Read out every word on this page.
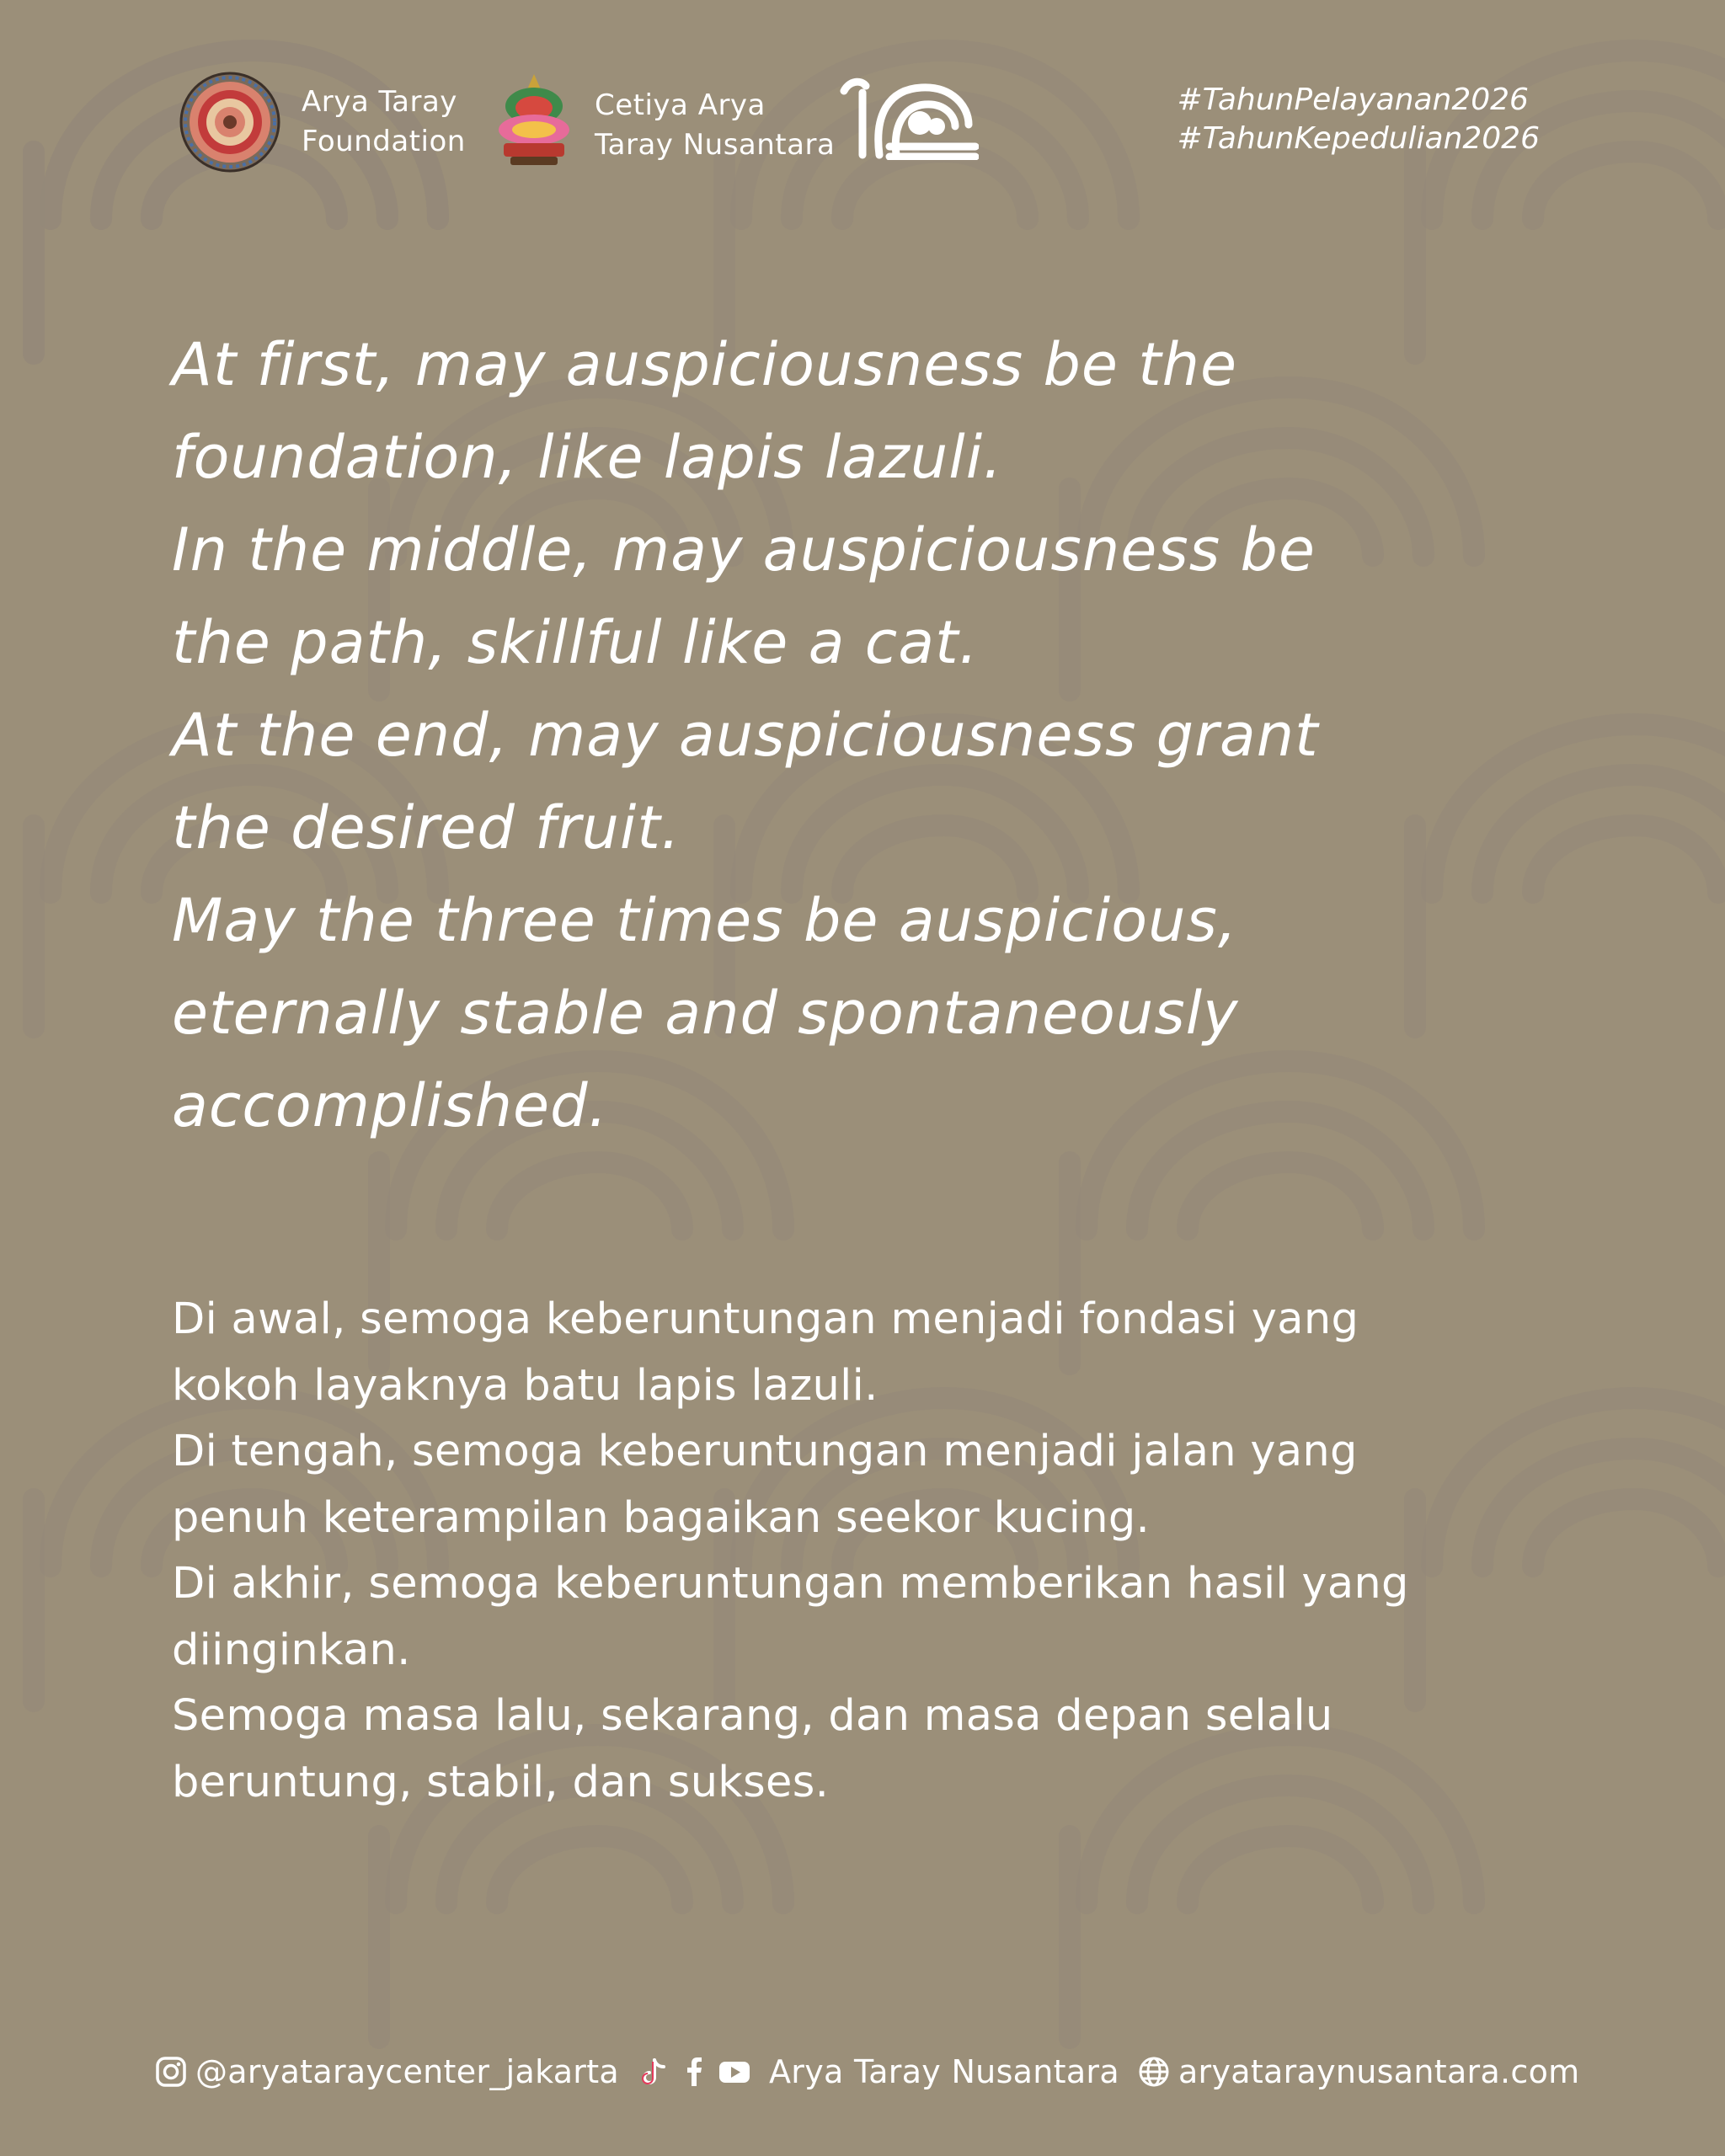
Arya Taray
Foundation
Cetiya Arya
Taray Nusantara
#TahunPelayanan2026
#TahunKepedulian2026
At first, may auspiciousness be the
foundation, like lapis lazuli.
In the middle, may auspiciousness be
the path, skillful like a cat.
At the end, may auspiciousness grant
the desired fruit.
May the three times be auspicious,
eternally stable and spontaneously
accomplished.
Di awal, semoga keberuntungan menjadi fondasi yang
kokoh layaknya batu lapis lazuli.
Di tengah, semoga keberuntungan menjadi jalan yang
penuh keterampilan bagaikan seekor kucing.
Di akhir, semoga keberuntungan memberikan hasil yang
diinginkan.
Semoga masa lalu, sekarang, dan masa depan selalu
beruntung, stabil, dan sukses.
@aryataraycenter_jakarta	Arya Taray Nusantara aryataraynusantara.com
